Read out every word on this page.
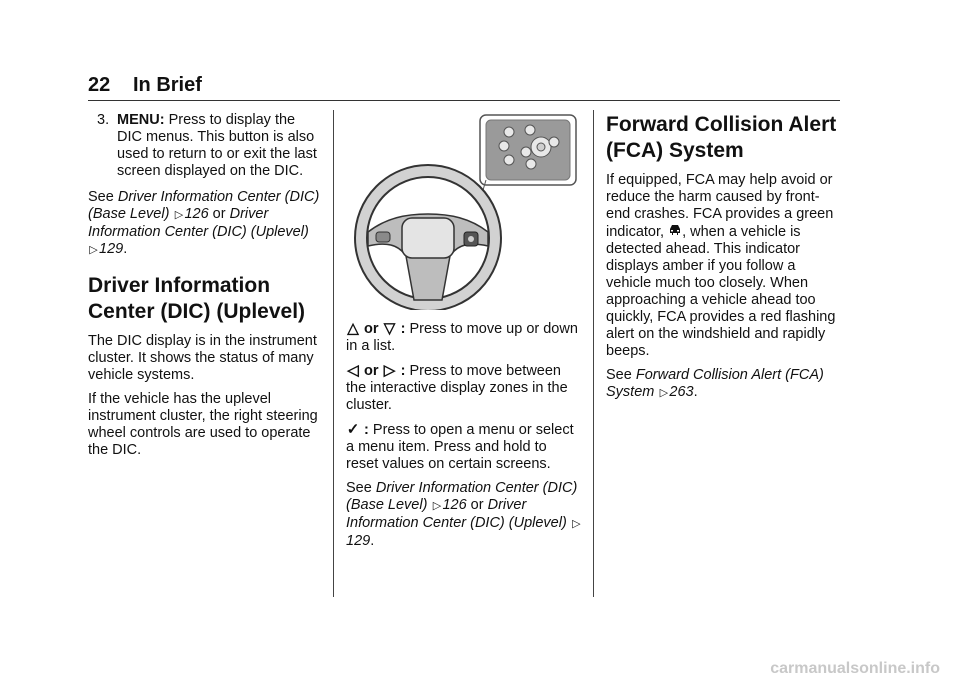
22 In Brief
3. MENU: Press to display the DIC menus. This button is also used to return to or exit the last screen displayed on the DIC.

See Driver Information Center (DIC) (Base Level) ▷126 or Driver Information Center (DIC) (Uplevel) ▷129.

Driver Information Center (DIC) (Uplevel)

The DIC display is in the instrument cluster. It shows the status of many vehicle systems.

If the vehicle has the uplevel instrument cluster, the right steering wheel controls are used to operate the DIC.

△ or ▽ : Press to move up or down in a list.

◁ or ▷ : Press to move between the interactive display zones in the cluster.

✓ : Press to open a menu or select a menu item. Press and hold to reset values on certain screens.

See Driver Information Center (DIC) (Base Level) ▷126 or Driver Information Center (DIC) (Uplevel) ▷129.

Forward Collision Alert (FCA) System

If equipped, FCA may help avoid or reduce the harm caused by front-end crashes. FCA provides a green indicator, , when a vehicle is detected ahead. This indicator displays amber if you follow a vehicle much too closely. When approaching a vehicle ahead too quickly, FCA provides a red flashing alert on the windshield and rapidly beeps.

See Forward Collision Alert (FCA) System ▷263.

carmanualsonline.info
